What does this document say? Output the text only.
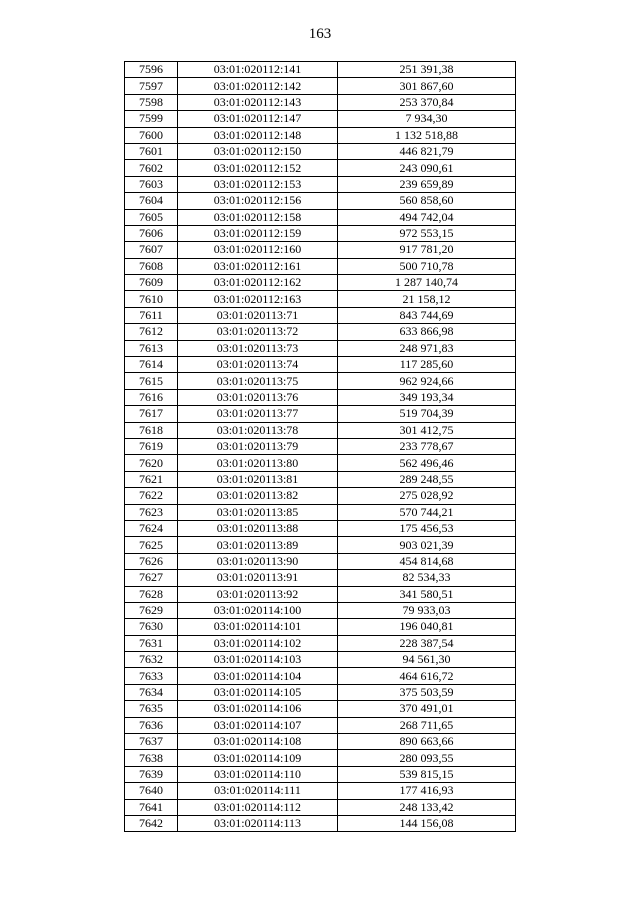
163
7596	03:01:020112:141	251 391,38
7597	03:01:020112:142	301 867,60
7598	03:01:020112:143	253 370,84
7599	03:01:020112:147	7 934,30
7600	03:01:020112:148	1 132 518,88
7601	03:01:020112:150	446 821,79
7602	03:01:020112:152	243 090,61
7603	03:01:020112:153	239 659,89
7604	03:01:020112:156	560 858,60
7605	03:01:020112:158	494 742,04
7606	03:01:020112:159	972 553,15
7607	03:01:020112:160	917 781,20
7608	03:01:020112:161	500 710,78
7609	03:01:020112:162	1 287 140,74
7610	03:01:020112:163	21 158,12
7611	03:01:020113:71	843 744,69
7612	03:01:020113:72	633 866,98
7613	03:01:020113:73	248 971,83
7614	03:01:020113:74	117 285,60
7615	03:01:020113:75	962 924,66
7616	03:01:020113:76	349 193,34
7617	03:01:020113:77	519 704,39
7618	03:01:020113:78	301 412,75
7619	03:01:020113:79	233 778,67
7620	03:01:020113:80	562 496,46
7621	03:01:020113:81	289 248,55
7622	03:01:020113:82	275 028,92
7623	03:01:020113:85	570 744,21
7624	03:01:020113:88	175 456,53
7625	03:01:020113:89	903 021,39
7626	03:01:020113:90	454 814,68
7627	03:01:020113:91	82 534,33
7628	03:01:020113:92	341 580,51
7629	03:01:020114:100	79 933,03
7630	03:01:020114:101	196 040,81
7631	03:01:020114:102	228 387,54
7632	03:01:020114:103	94 561,30
7633	03:01:020114:104	464 616,72
7634	03:01:020114:105	375 503,59
7635	03:01:020114:106	370 491,01
7636	03:01:020114:107	268 711,65
7637	03:01:020114:108	890 663,66
7638	03:01:020114:109	280 093,55
7639	03:01:020114:110	539 815,15
7640	03:01:020114:111	177 416,93
7641	03:01:020114:112	248 133,42
7642	03:01:020114:113	144 156,08
